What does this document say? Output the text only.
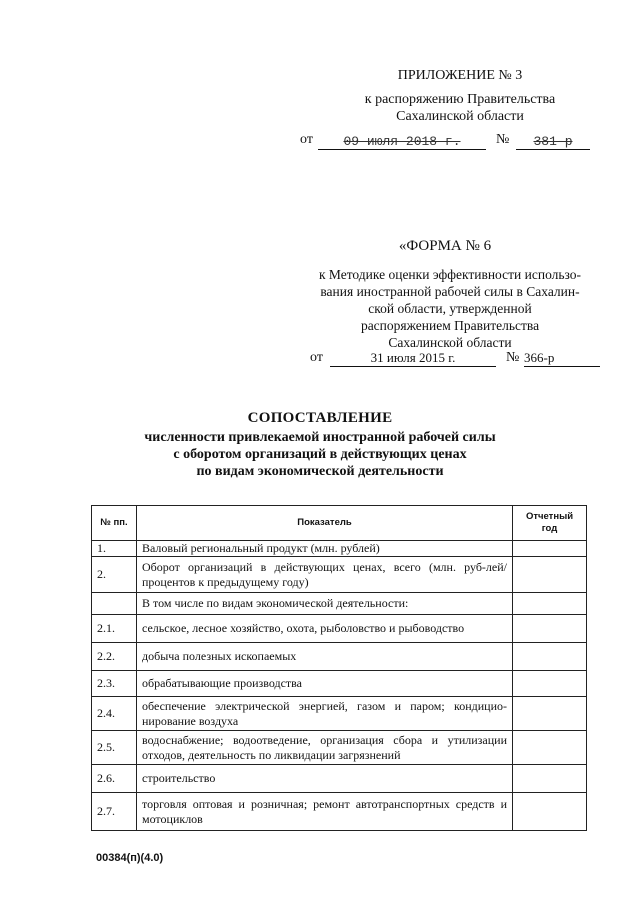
ПРИЛОЖЕНИЕ № 3
к распоряжению Правительства
Сахалинской области
от	09 июля 2018 г.	№	381-р
«ФОРМА № 6
к Методике оценки эффективности использо-
вания иностранной рабочей силы в Сахалин-
ской области, утвержденной
распоряжением Правительства
Сахалинской области
от	31 июля 2015 г.	№ 366-р
СОПОСТАВЛЕНИЕ
численности привлекаемой иностранной рабочей силы
с оборотом организаций в действующих ценах
по видам экономической деятельности
№ пп.	Показатель	Отчетный год
1.	Валовый региональный продукт (млн. рублей)	
2.	Оборот организаций в действующих ценах, всего (млн. руб-лей/процентов к предыдущему году)	
	В том числе по видам экономической деятельности:	
2.1.	сельское, лесное хозяйство, охота, рыболовство и рыбоводство	
2.2.	добыча полезных ископаемых	
2.3.	обрабатывающие производства	
2.4.	обеспечение электрической энергией, газом и паром; кондицио-нирование воздуха	
2.5.	водоснабжение; водоотведение, организация сбора и утилизации отходов, деятельность по ликвидации загрязнений	
2.6.	строительство	
2.7.	торговля оптовая и розничная; ремонт автотранспортных средств и мотоциклов	
00384(п)(4.0)
